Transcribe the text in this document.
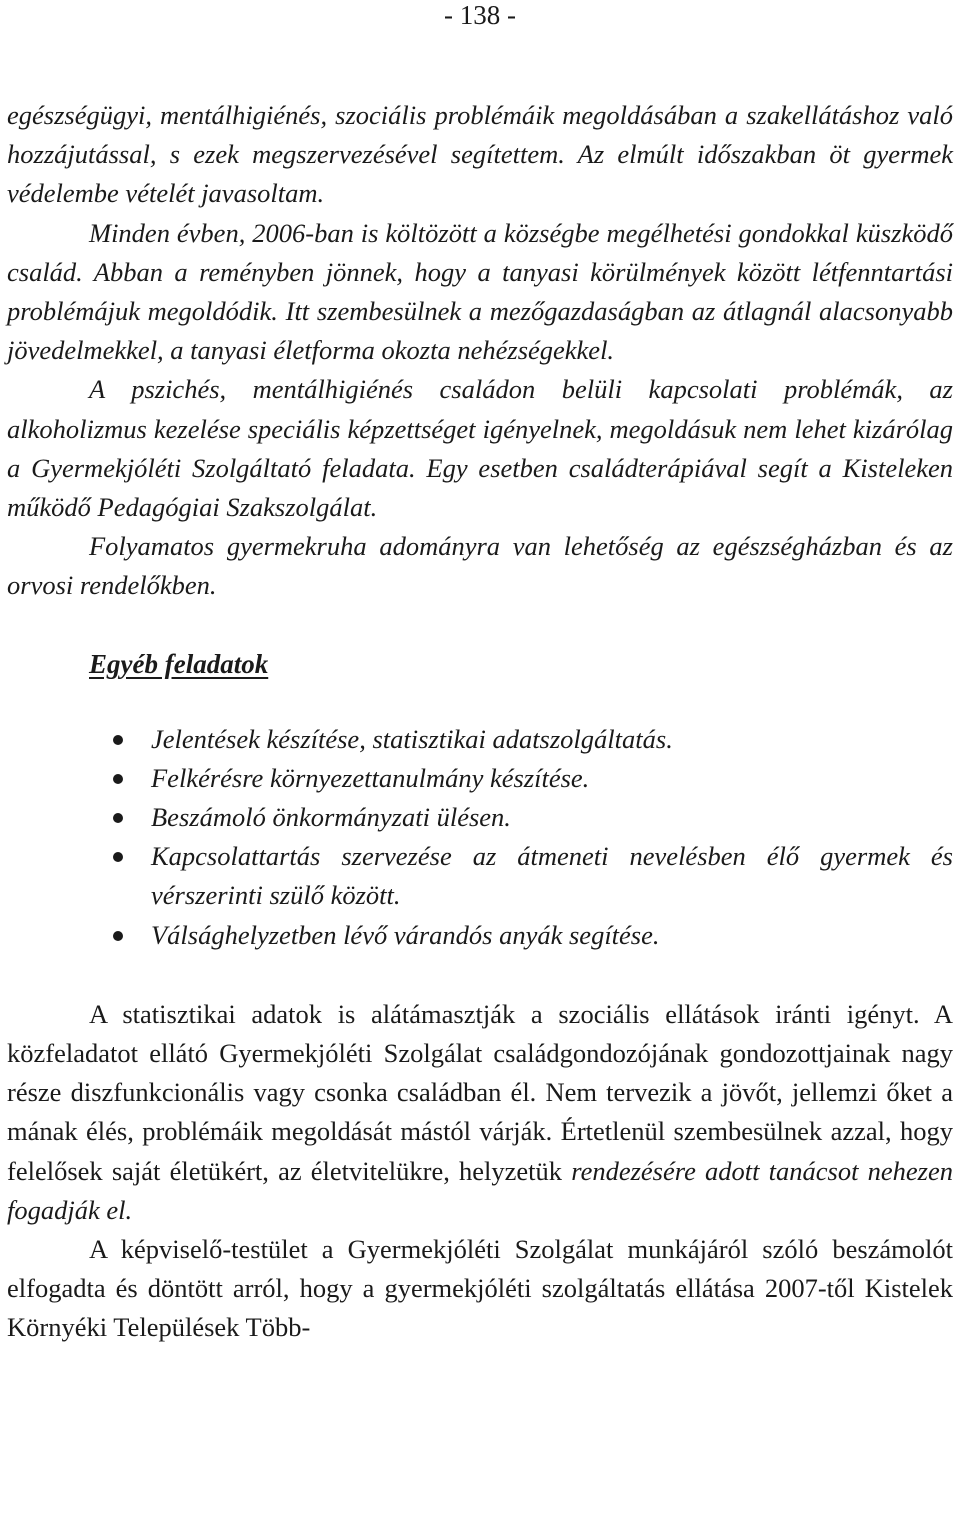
- 138 -

egészségügyi, mentálhigiénés, szociális problémáik megoldásában a szakellátáshoz való hozzájutással, s ezek megszervezésével segítettem. Az elmúlt időszakban öt gyermek védelembe vételét javasoltam.

Minden évben, 2006-ban is költözött a községbe megélhetési gondokkal küszködő család. Abban a reményben jönnek, hogy a tanyasi körülmények között létfenntartási problémájuk megoldódik. Itt szembesülnek a mezőgazdaságban az átlagnál alacsonyabb jövedelmekkel, a tanyasi életforma okozta nehézségekkel.

A pszichés, mentálhigiénés családon belüli kapcsolati problémák, az alkoholizmus kezelése speciális képzettséget igényelnek, megoldásuk nem lehet kizárólag a Gyermekjóléti Szolgáltató feladata. Egy esetben családterápiával segít a Kisteleken működő Pedagógiai Szakszolgálat.

Folyamatos gyermekruha adományra van lehetőség az egészségházban és az orvosi rendelőkben.

Egyéb feladatok
Jelentések készítése, statisztikai adatszolgáltatás.
Felkérésre környezettanulmány készítése.
Beszámoló önkormányzati ülésen.
Kapcsolattartás szervezése az átmeneti nevelésben élő gyermek és vérszerinti szülő között.
Válsághelyzetben lévő várandós anyák segítése.

A statisztikai adatok is alátámasztják a szociális ellátások iránti igényt. A közfeladatot ellátó Gyermekjóléti Szolgálat családgondozójának gondozottjainak nagy része diszfunkcionális vagy csonka családban él. Nem tervezik a jövőt, jellemzi őket a mának élés, problémáik megoldását mástól várják. Értetlenül szembesülnek azzal, hogy felelősek saját életükért, az életvitelükre, helyzetük rendezésére adott tanácsot nehezen fogadják el.

A képviselő-testület a Gyermekjóléti Szolgálat munkájáról szóló beszámolót elfogadta és döntött arról, hogy a gyermekjóléti szolgáltatás ellátása 2007-től Kistelek Környéki Települések Több-
